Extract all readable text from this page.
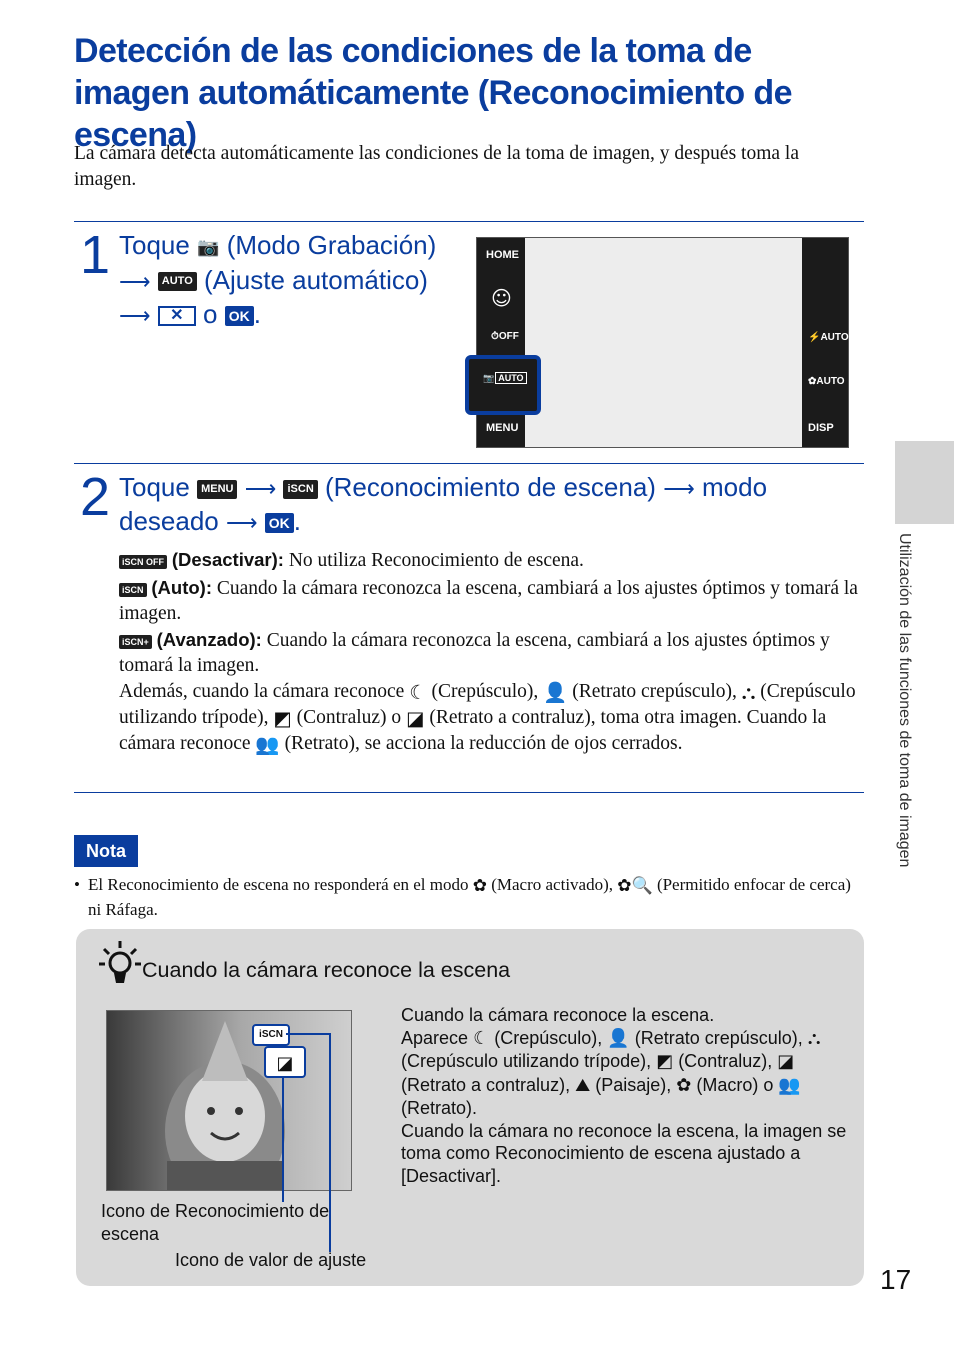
Detección de las condiciones de la toma de imagen automáticamente (Reconocimiento de escena)
La cámara detecta automáticamente las condiciones de la toma de imagen, y después toma la imagen.
1 Toque 📷 (Modo Grabación) ⟶ AUTO (Ajuste automático) ⟶ ✕ o OK .
HOME
☺
⏱OFF
MENU
⚡AUTO
✿AUTO
DISP
📷 AUTO
2 Toque MENU ⟶ iSCN (Reconocimiento de escena) ⟶ modo deseado ⟶ OK .
iSCN OFF (Desactivar): No utiliza Reconocimiento de escena.
iSCN (Auto): Cuando la cámara reconozca la escena, cambiará a los ajustes óptimos y tomará la imagen.
iSCN+ (Avanzado): Cuando la cámara reconozca la escena, cambiará a los ajustes óptimos y tomará la imagen.
Además, cuando la cámara reconoce ☾ (Crepúsculo), 👤 (Retrato crepúsculo), ⛬ (Crepúsculo utilizando trípode), ◩ (Contraluz) o ◪ (Retrato a contraluz), toma otra imagen. Cuando la cámara reconoce 👥 (Retrato), se acciona la reducción de ojos cerrados.
Nota
• El Reconocimiento de escena no responderá en el modo ✿ (Macro activado), ✿🔍 (Permitido enfocar de cerca) ni Ráfaga.
Cuando la cámara reconoce la escena
iSCN
◪
Icono de Reconocimiento de escena
Icono de valor de ajuste
Cuando la cámara reconoce la escena.
Aparece ☾ (Crepúsculo), 👤 (Retrato crepúsculo), ⛬ (Crepúsculo utilizando trípode), ◩ (Contraluz), ◪ (Retrato a contraluz), ⛰ (Paisaje), ✿ (Macro) o 👥 (Retrato).
Cuando la cámara no reconoce la escena, la imagen se toma como Reconocimiento de escena ajustado a [Desactivar].
Utilización de las funciones de toma de imagen
17
